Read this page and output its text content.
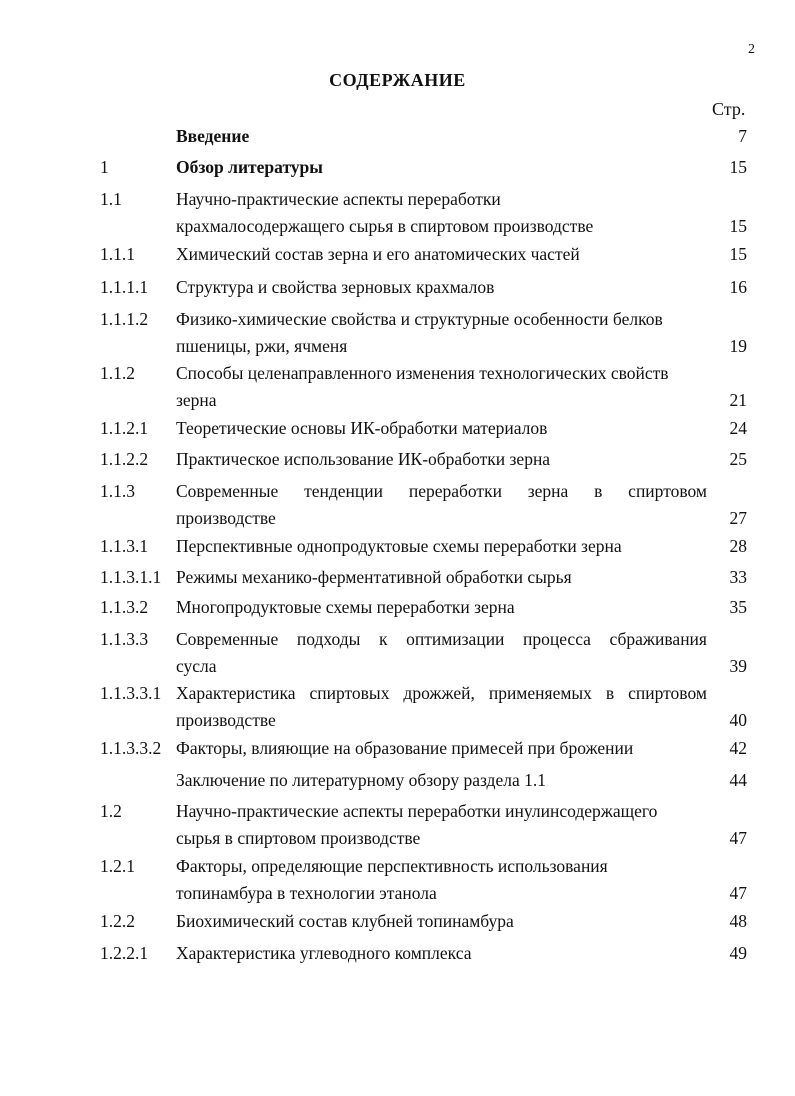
2
СОДЕРЖАНИЕ
Стр.
Введение	7
1	Обзор литературы	15
1.1	Научно-практические аспекты переработки
крахмалосодержащего сырья в спиртовом производстве	15
1.1.1 Химический состав зерна и его анатомических частей	15
1.1.1.1 Структура и свойства зерновых крахмалов	16
1.1.1.2 Физико-химические свойства и структурные особенности белков
пшеницы, ржи, ячменя	19
1.1.2 Способы целенаправленного изменения технологических свойств
зерна	21
1.1.2.1 Теоретические основы ИК-обработки материалов	24
1.1.2.2 Практическое использование ИК-обработки зерна	25
1.1.3 Современные тенденции переработки зерна в спиртовом
производстве	27
1.1.3.1 Перспективные однопродуктовые схемы переработки зерна	28
1.1.3.1.1 Режимы механико-ферментативной обработки сырья	33
1.1.3.2 Многопродуктовые схемы переработки зерна	35
1.1.3.3 Современные подходы к оптимизации процесса сбраживания
сусла	39
1.1.3.3.1 Характеристика спиртовых дрожжей, применяемых в спиртовом
производстве	40
1.1.3.3.2 Факторы, влияющие на образование примесей при брожении	42
Заключение по литературному обзору раздела 1.1	44
1.2	Научно-практические аспекты переработки инулинсодержащего
сырья в спиртовом производстве	47
1.2.1 Факторы, определяющие перспективность использования
топинамбура в технологии этанола	47
1.2.2 Биохимический состав клубней топинамбура	48
1.2.2.1 Характеристика углеводного комплекса	49
